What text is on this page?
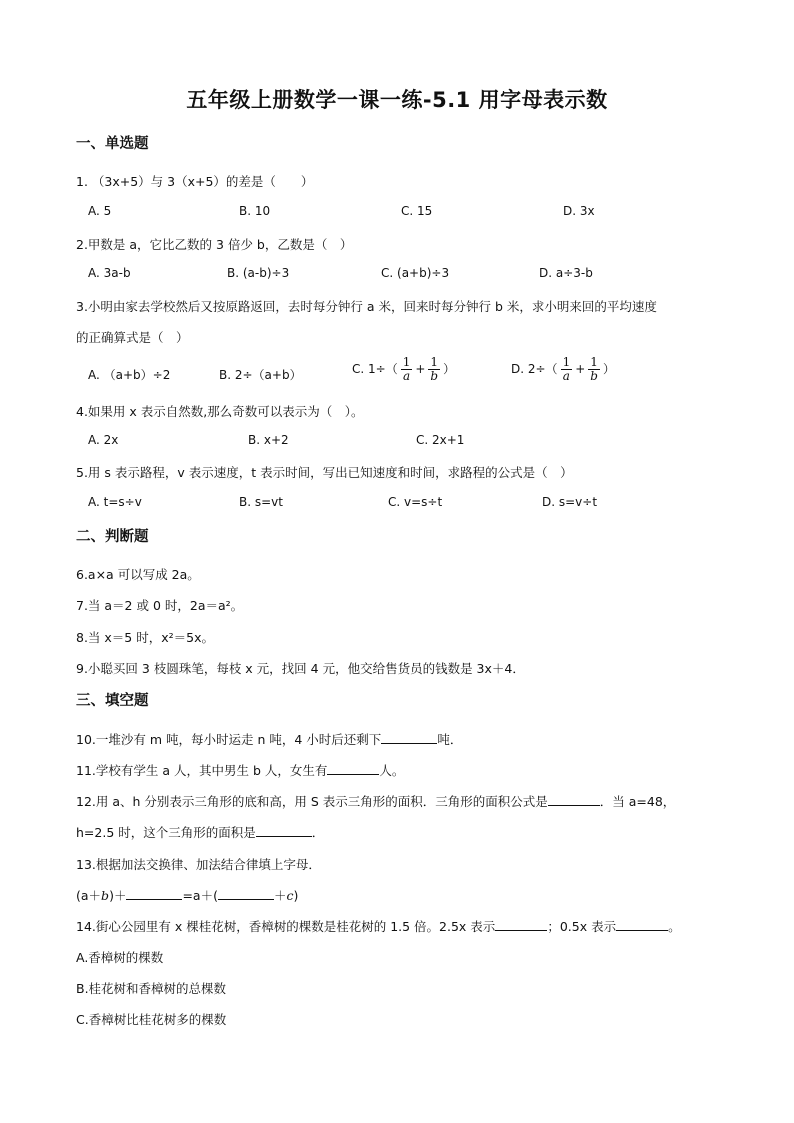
五年级上册数学一课一练-5.1 用字母表示数
一、单选题
1. （3x+5）与 3（x+5）的差是（　　）
A. 5	B. 10	C. 15	D. 3x
2.甲数是 a，它比乙数的 3 倍少 b，乙数是（　）
A. 3a-b	B. (a-b)÷3	C. (a+b)÷3	D. a÷3-b
3.小明由家去学校然后又按原路返回，去时每分钟行 a 米，回来时每分钟行 b 米，求小明来回的平均速度
的正确算式是（　）
A. （a+b）÷2	B. 2÷（a+b）	C. $1\div( \frac{1}{a} + \frac{1}{b}$ ）	D. $2\div( \frac{1}{a} + \frac{1}{b}$ ）
4.如果用 x 表示自然数,那么奇数可以表示为（　）。
A. 2x	B. x+2	C. 2x+1
5.用 s 表示路程，v 表示速度，t 表示时间，写出已知速度和时间，求路程的公式是（　）
A. t=s÷v	B. s=vt	C. v=s÷t	D. s=v÷t
二、判断题
6.a×a 可以写成 2a。
7.当 a＝2 或 0 时，2a＝a²。
8.当 x＝5 时，x²＝5x。
9.小聪买回 3 枝圆珠笔，每枝 x 元，找回 4 元，他交给售货员的钱数是 3x＋4．
三、填空题
10.一堆沙有 m 吨，每小时运走 n 吨，4 小时后还剩下	吨．
11.学校有学生 a 人，其中男生 b 人，女生有	人。
12.用 a、h 分别表示三角形的底和高，用 S 表示三角形的面积．三角形的面积公式是	．当 a=48，
h=2.5 时，这个三角形的面积是	．
13.根据加法交换律、加法结合律填上字母．
(a＋b)＋	=a＋(	＋c)
14.街心公园里有 x 棵桂花树，香樟树的棵数是桂花树的 1.5 倍。2.5x 表示	；0.5x 表示	。
A.香樟树的棵数
B.桂花树和香樟树的总棵数
C.香樟树比桂花树多的棵数
